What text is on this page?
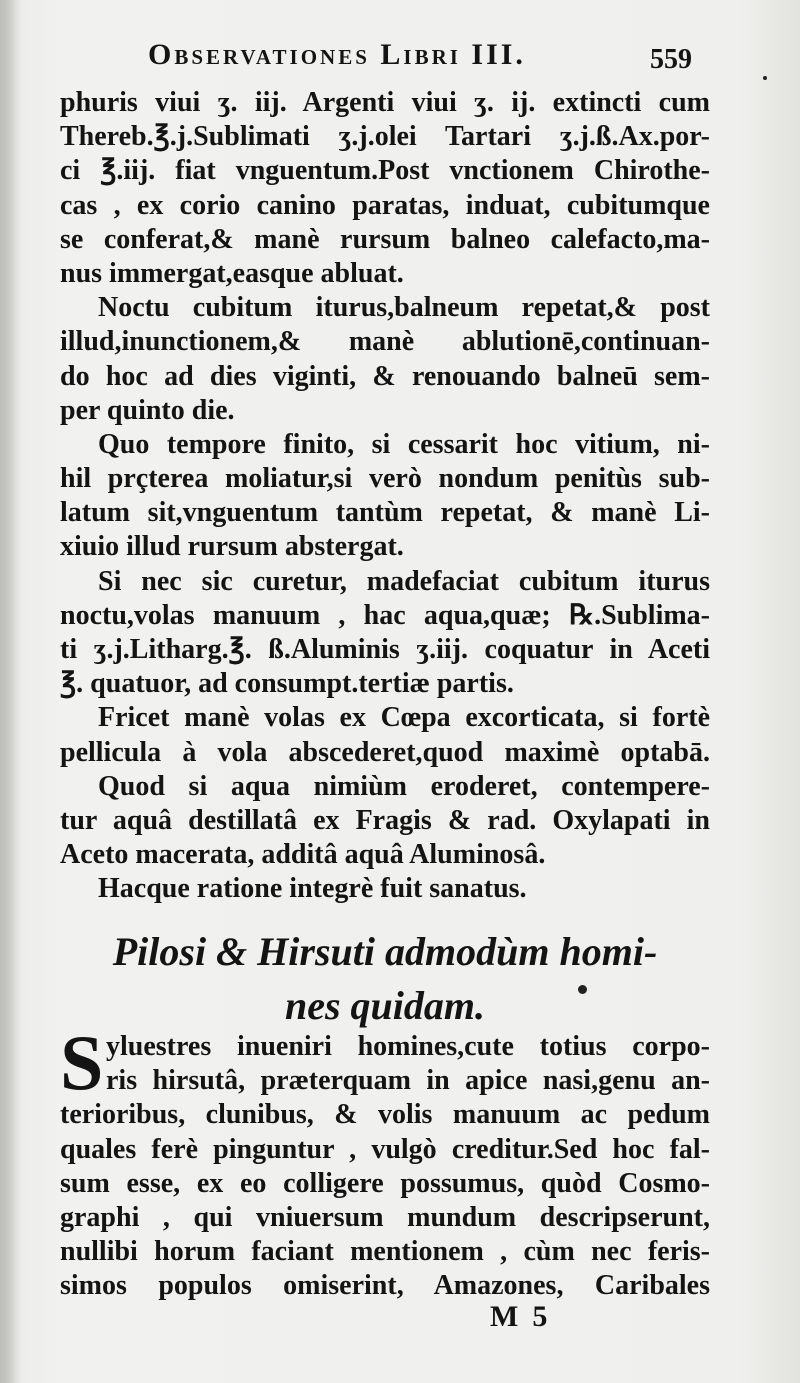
Observationes Libri III.	559
phuris viui ʒ. iij. Argenti viui ʒ. ij. extincti cum
Thereb.℥.j.Sublimati ʒ.j.olei Tartari ʒ.j.ß.Ax.por-
ci ℥.iij. fiat vnguentum.Post vnctionem Chirothe-
cas , ex corio canino paratas, induat, cubitumque
se conferat,& manè rursum balneo calefacto,ma-
nus immergat,easque abluat.
Noctu cubitum iturus,balneum repetat,& post
illud,inunctionem,& manè ablutionē,continuan-
do hoc ad dies viginti, & renouando balneū sem-
per quinto die.
Quo tempore finito, si cessarit hoc vitium, ni-
hil prçterea moliatur,si verò nondum penitùs sub-
latum sit,vnguentum tantùm repetat, & manè Li-
xiuio illud rursum abstergat.
Si nec sic curetur, madefaciat cubitum iturus
noctu,volas manuum , hac aqua,quæ; ℞.Sublima-
ti ʒ.j.Litharg.℥. ß.Aluminis ʒ.iij. coquatur in Aceti
℥. quatuor, ad consumpt.tertiæ partis.
Fricet manè volas ex Cœpa excorticata, si fortè
pellicula à vola abscederet,quod maximè optabā.
Quod si aqua nimiùm eroderet, contempere-
tur aquâ destillatâ ex Fragis & rad. Oxylapati in
Aceto macerata, additâ aquâ Aluminosâ.
Hacque ratione integrè fuit sanatus.
Pilosi & Hirsuti admodùm homi-
nes quidam.
S yluestres inueniri homines,cute totius corpo-
ris hirsutâ, præterquam in apice nasi,genu an-
terioribus, clunibus, & volis manuum ac pedum
quales ferè pinguntur , vulgò creditur.Sed hoc fal-
sum esse, ex eo colligere possumus, quòd Cosmo-
graphi , qui vniuersum mundum descripserunt,
nullibi horum faciant mentionem , cùm nec feris-
simos populos omiserint, Amazones, Caribales
M5
